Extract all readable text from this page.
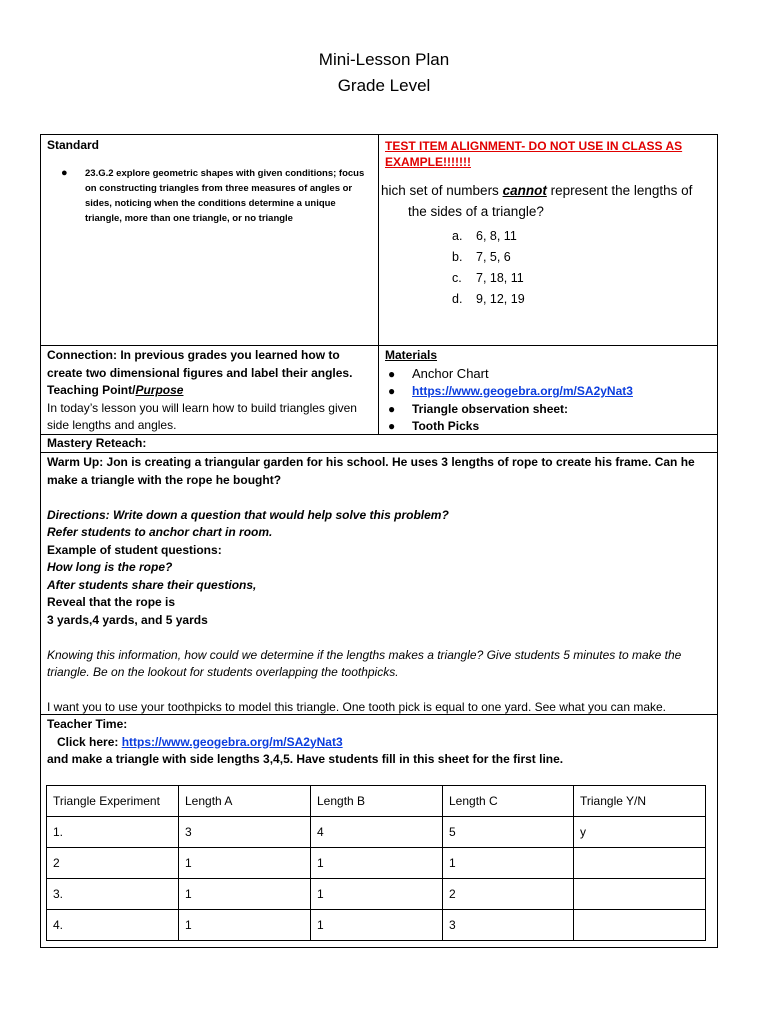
Mini-Lesson Plan
Grade Level
Standard
● 23.G.2 explore geometric shapes with given conditions; focus on constructing triangles from three measures of angles or sides, noticing when the conditions determine a unique triangle, more than one triangle, or no triangle
TEST ITEM ALIGNMENT- DO NOT USE IN CLASS AS EXAMPLE!!!!!!!
hich set of numbers cannot represent the lengths of
the sides of a triangle?
a. 6, 8, 11
b. 7, 5, 6
c. 7, 18, 11
d. 9, 12, 19
Connection: In previous grades you learned how to create two dimensional figures and label their angles.
Teaching Point/Purpose
In today’s lesson you will learn how to build triangles given side lengths and angles.
Materials
● Anchor Chart
● https://www.geogebra.org/m/SA2yNat3
● Triangle observation sheet:
● Tooth Picks
Mastery Reteach:

Warm Up: Jon is creating a triangular garden for his school. He uses 3 lengths of rope to create his frame. Can he make a triangle with the rope he bought?

Directions: Write down a question that would help solve this problem?

Refer students to anchor chart in room.

Example of student questions:

How long is the rope?

After students share their questions,

Reveal that the rope is

3 yards,4 yards, and 5 yards

Knowing this information, how could we determine if the lengths makes a triangle? Give students 5 minutes to make the triangle. Be on the lookout for students overlapping the toothpicks.

I want you to use your toothpicks to model this triangle. One tooth pick is equal to one yard. See what you can make.

Teacher Time:
Click here: https://www.geogebra.org/m/SA2yNat3
and make a triangle with side lengths 3,4,5. Have students fill in this sheet for the first line.
Triangle Experiment	Length A	Length B	Length C	Triangle Y/N
1.	3	4	5	y
2	1	1	1	
3.	1	1	2	
4.	1	1	3	
